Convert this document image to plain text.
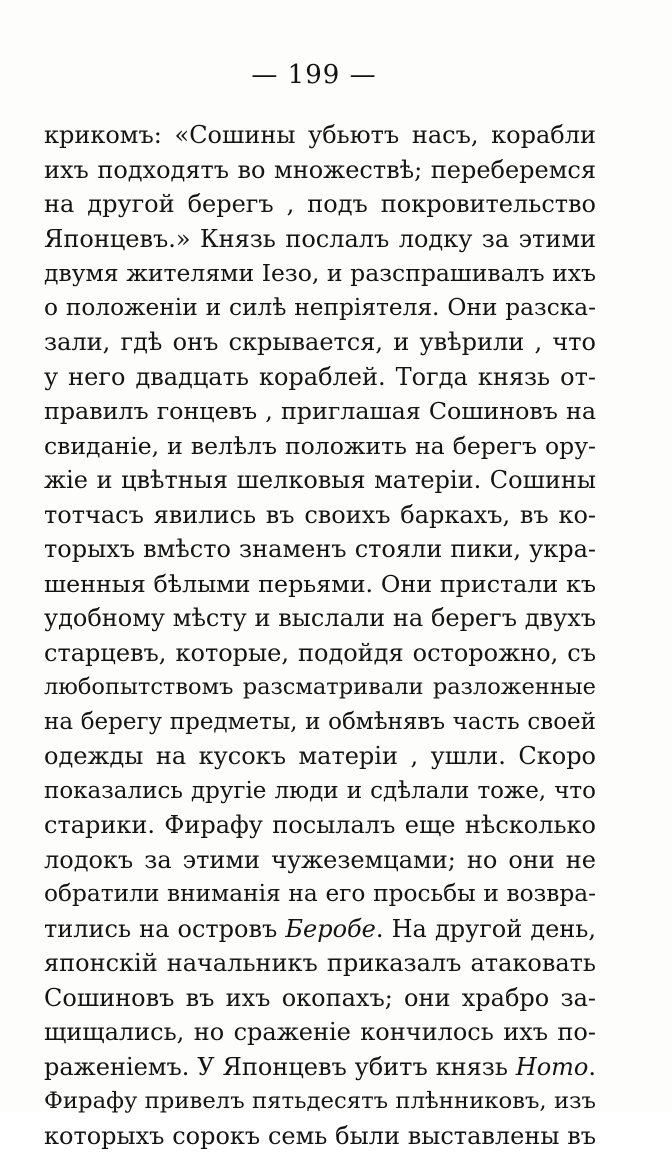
— 199 —
крикомъ: «Сошины убьютъ насъ, корабли
ихъ подходятъ во множествѣ; переберемся
на другой берегъ , подъ покровительство
Японцевъ.» Князь послалъ лодку за этими
двумя жителями Іезо, и разспрашивалъ ихъ
о положеніи и силѣ непріятеля. Они разска-
зали, гдѣ онъ скрывается, и увѣрили , что
у него двадцать кораблей. Тогда князь от-
правилъ гонцевъ , приглашая Сошиновъ на
свиданіе, и велѣлъ положить на берегъ ору-
жіе и цвѣтныя шелковыя матеріи. Сошины
тотчасъ явились въ своихъ баркахъ, въ ко-
торыхъ вмѣсто знаменъ стояли пики, укра-
шенныя бѣлыми перьями. Они пристали къ
удобному мѣсту и выслали на берегъ двухъ
старцевъ, которые, подойдя осторожно, съ
любопытствомъ разсматривали разложенные
на берегу предметы, и обмѣнявъ часть своей
одежды на кусокъ матеріи , ушли. Скоро
показались другіе люди и сдѣлали тоже, что
старики. Фирафу посылалъ еще нѣсколько
лодокъ за этими чужеземцами; но они не
обратили вниманія на его просьбы и возвра-
тились на островъ Беробе. На другой день,
японскій начальникъ приказалъ атаковать
Сошиновъ въ ихъ окопахъ; они храбро за-
щищались, но сраженіе кончилось ихъ по-
раженіемъ. У Японцевъ убитъ князь Ното.
Фирафу привелъ пятьдесятъ плѣнниковъ, изъ
которыхъ сорокъ семь были выставлены въ
